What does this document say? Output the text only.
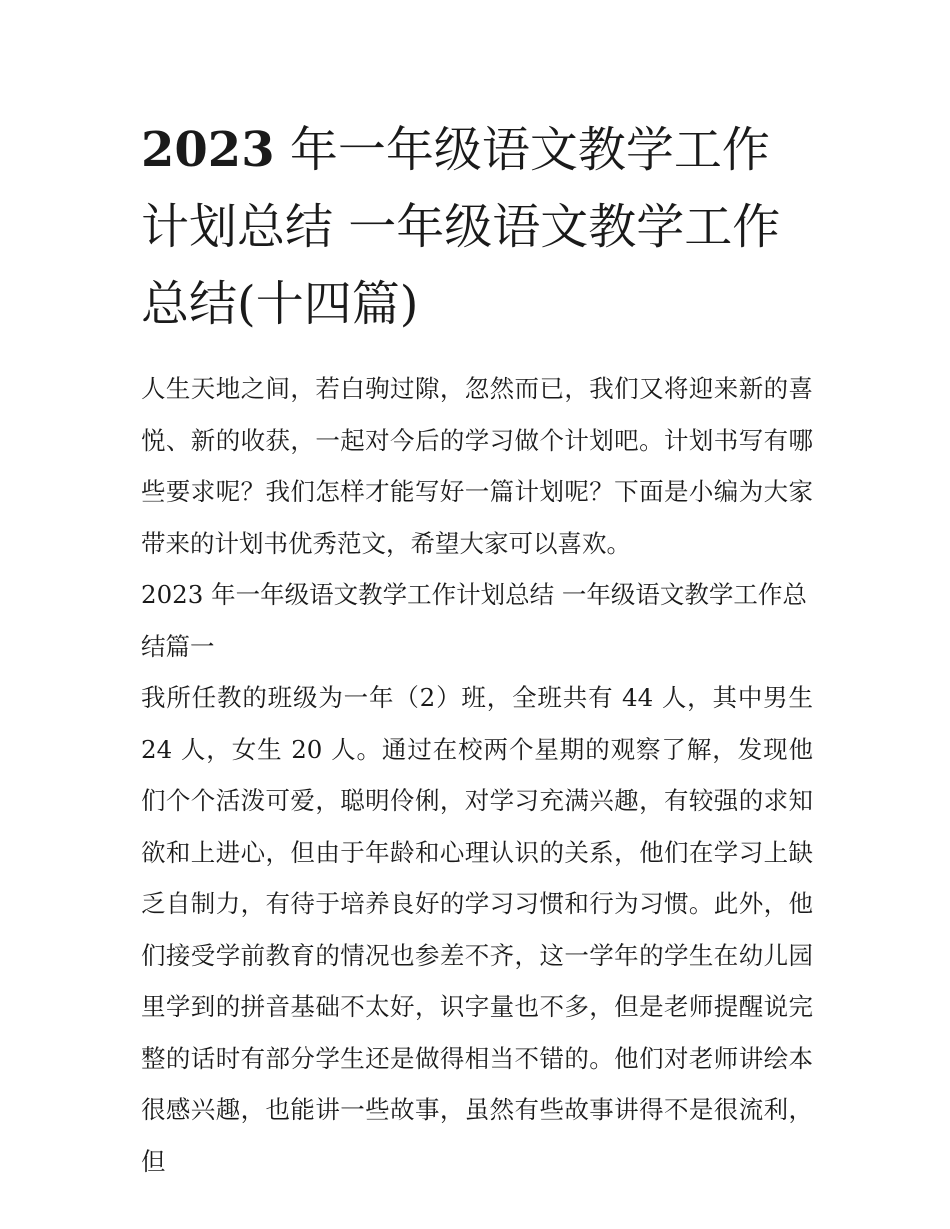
2023 年一年级语文教学工作计划总结 一年级语文教学工作总结(十四篇)

人生天地之间，若白驹过隙，忽然而已，我们又将迎来新的喜悦、新的收获，一起对今后的学习做个计划吧。计划书写有哪些要求呢？我们怎样才能写好一篇计划呢？下面是小编为大家带来的计划书优秀范文，希望大家可以喜欢。

2023 年一年级语文教学工作计划总结 一年级语文教学工作总结篇一

我所任教的班级为一年（2）班，全班共有 44 人，其中男生 24 人，女生 20 人。通过在校两个星期的观察了解，发现他们个个活泼可爱，聪明伶俐，对学习充满兴趣，有较强的求知欲和上进心，但由于年龄和心理认识的关系，他们在学习上缺乏自制力，有待于培养良好的学习习惯和行为习惯。此外，他们接受学前教育的情况也参差不齐，这一学年的学生在幼儿园里学到的拼音基础不太好，识字量也不多，但是老师提醒说完整的话时有部分学生还是做得相当不错的。他们对老师讲绘本很感兴趣，也能讲一些故事，虽然有些故事讲得不是很流利，但
